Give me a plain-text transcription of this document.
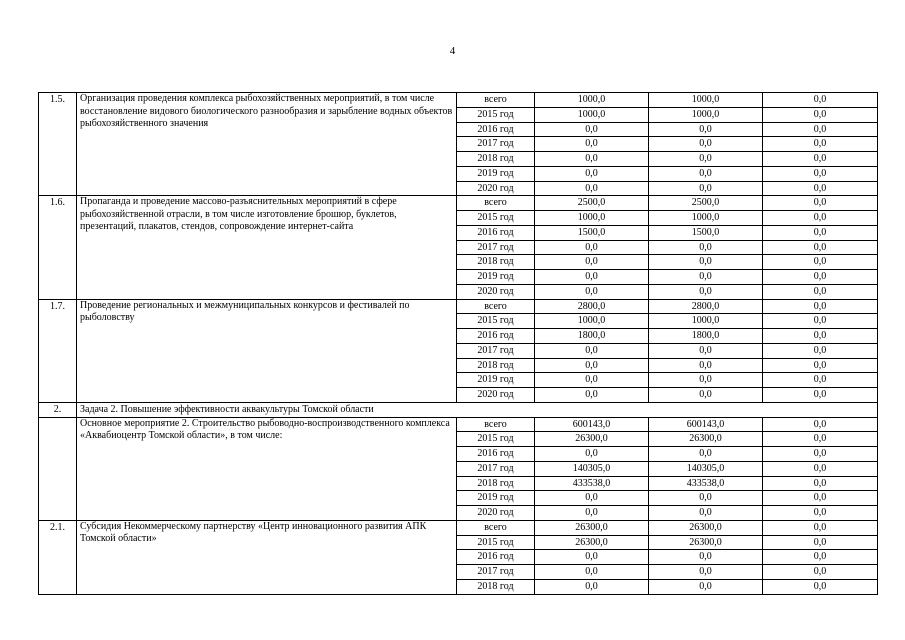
4
1.5.	Организация проведения комплекса рыбохозяйственных мероприятий, в том числе восстановление видового биологического разнообразия и зарыбление водных объектов рыбохозяйственного значения	всего	1000,0	1000,0	0,0
		2015 год	1000,0	1000,0	0,0
		2016 год	0,0	0,0	0,0
		2017 год	0,0	0,0	0,0
		2018 год	0,0	0,0	0,0
		2019 год	0,0	0,0	0,0
		2020 год	0,0	0,0	0,0
1.6.	Пропаганда и проведение массово-разъяснительных мероприятий в сфере рыбохозяйственной отрасли, в том числе изготовление брошюр, буклетов, презентаций, плакатов, стендов, сопровождение интернет-сайта	всего	2500,0	2500,0	0,0
		2015 год	1000,0	1000,0	0,0
		2016 год	1500,0	1500,0	0,0
		2017 год	0,0	0,0	0,0
		2018 год	0,0	0,0	0,0
		2019 год	0,0	0,0	0,0
		2020 год	0,0	0,0	0,0
1.7.	Проведение региональных и межмуниципальных конкурсов и фестивалей по рыболовству	всего	2800,0	2800,0	0,0
		2015 год	1000,0	1000,0	0,0
		2016 год	1800,0	1800,0	0,0
		2017 год	0,0	0,0	0,0
		2018 год	0,0	0,0	0,0
		2019 год	0,0	0,0	0,0
		2020 год	0,0	0,0	0,0
2.	Задача 2. Повышение эффективности аквакультуры Томской области				
	Основное мероприятие 2. Строительство рыбоводно-воспроизводственного комплекса «Аквабиоцентр Томской области», в том числе:	всего	600143,0	600143,0	0,0
		2015 год	26300,0	26300,0	0,0
		2016 год	0,0	0,0	0,0
		2017 год	140305,0	140305,0	0,0
		2018 год	433538,0	433538,0	0,0
		2019 год	0,0	0,0	0,0
		2020 год	0,0	0,0	0,0
2.1.	Субсидия Некоммерческому партнерству «Центр инновационного развития АПК Томской области»	всего	26300,0	26300,0	0,0
		2015 год	26300,0	26300,0	0,0
		2016 год	0,0	0,0	0,0
		2017 год	0,0	0,0	0,0
		2018 год	0,0	0,0	0,0
